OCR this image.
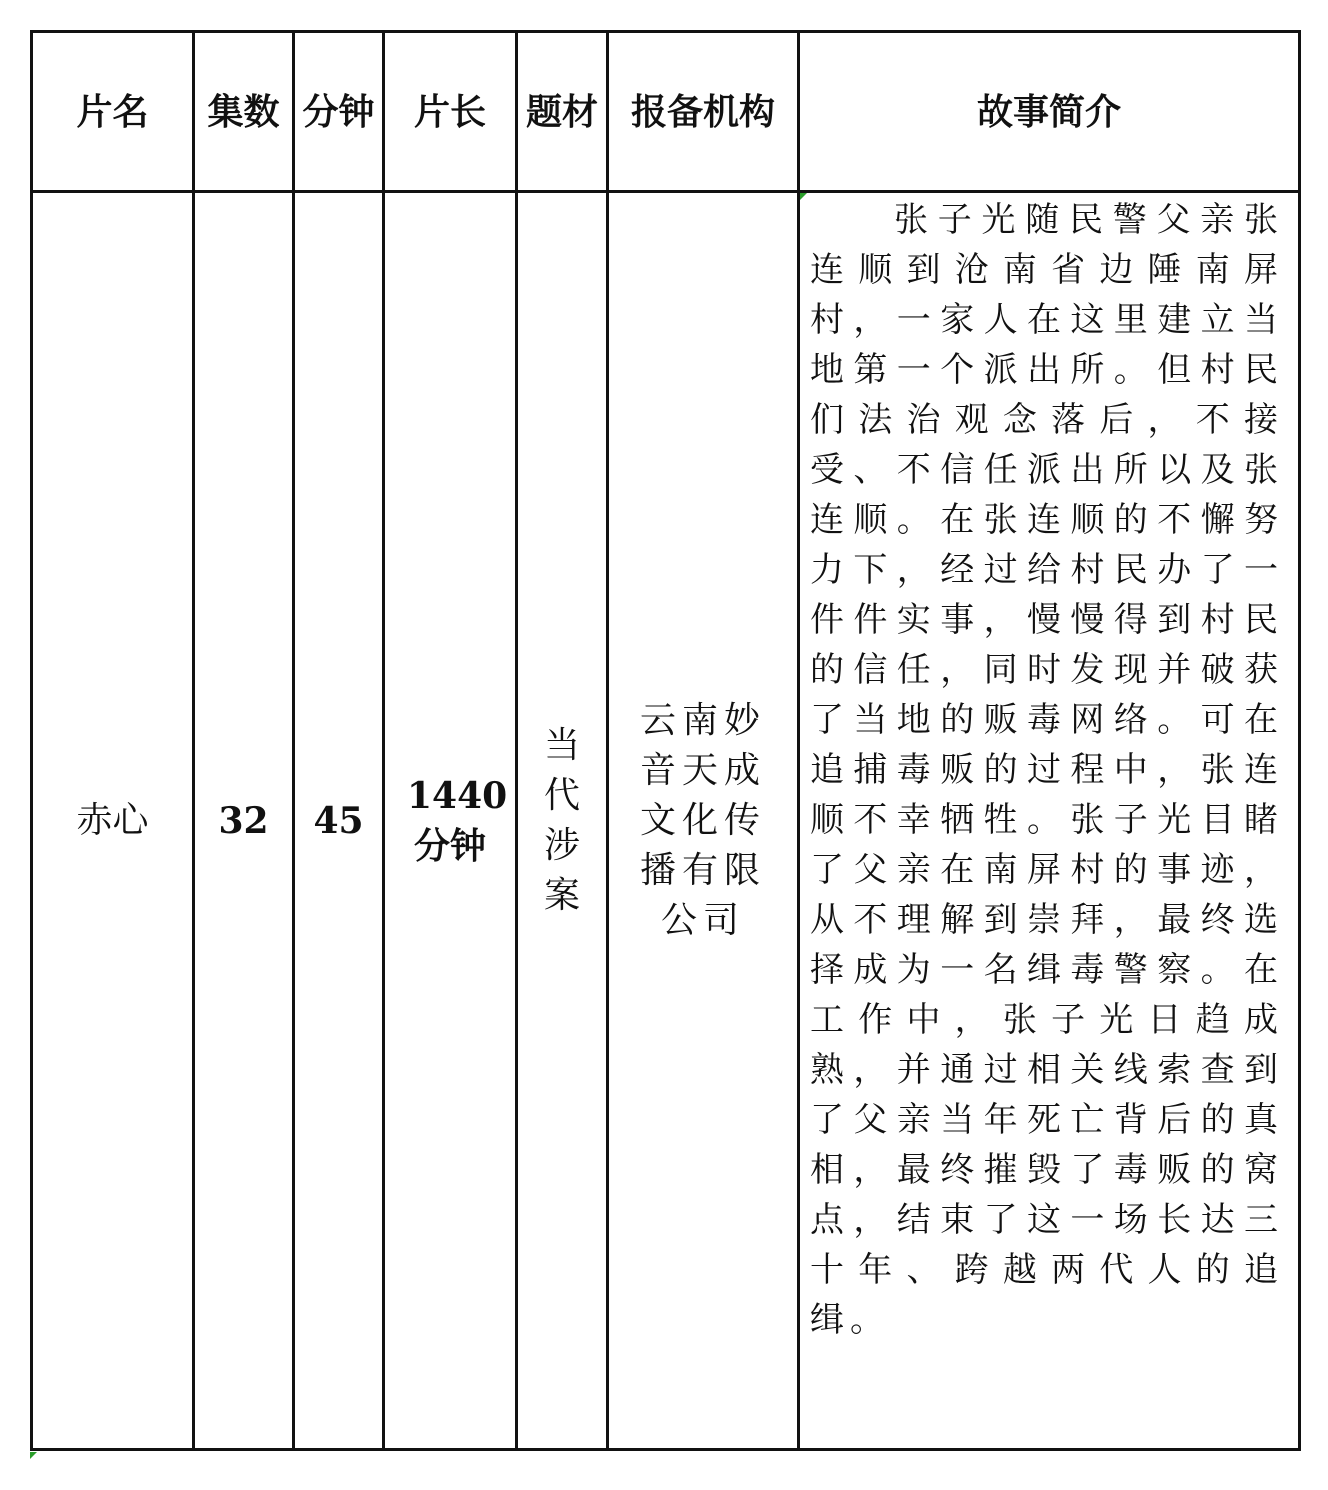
片名	集数	分钟	片长	题材	报备机构	故事简介
赤心	32	45	1440分钟	当代涉案	云南妙音天成文化传播有限公司	张子光随民警父亲张连顺到沧南省边陲南屏村，一家人在这里建立当地第一个派出所。但村民们法治观念落后，不接受、不信任派出所以及张连顺。在张连顺的不懈努力下，经过给村民办了一件件实事，慢慢得到村民的信任，同时发现并破获了当地的贩毒网络。可在追捕毒贩的过程中，张连顺不幸牺牲。张子光目睹了父亲在南屏村的事迹，从不理解到崇拜，最终选择成为一名缉毒警察。在工作中，张子光日趋成熟，并通过相关线索查到了父亲当年死亡背后的真相，最终摧毁了毒贩的窝点，结束了这一场长达三十年、跨越两代人的追缉。
